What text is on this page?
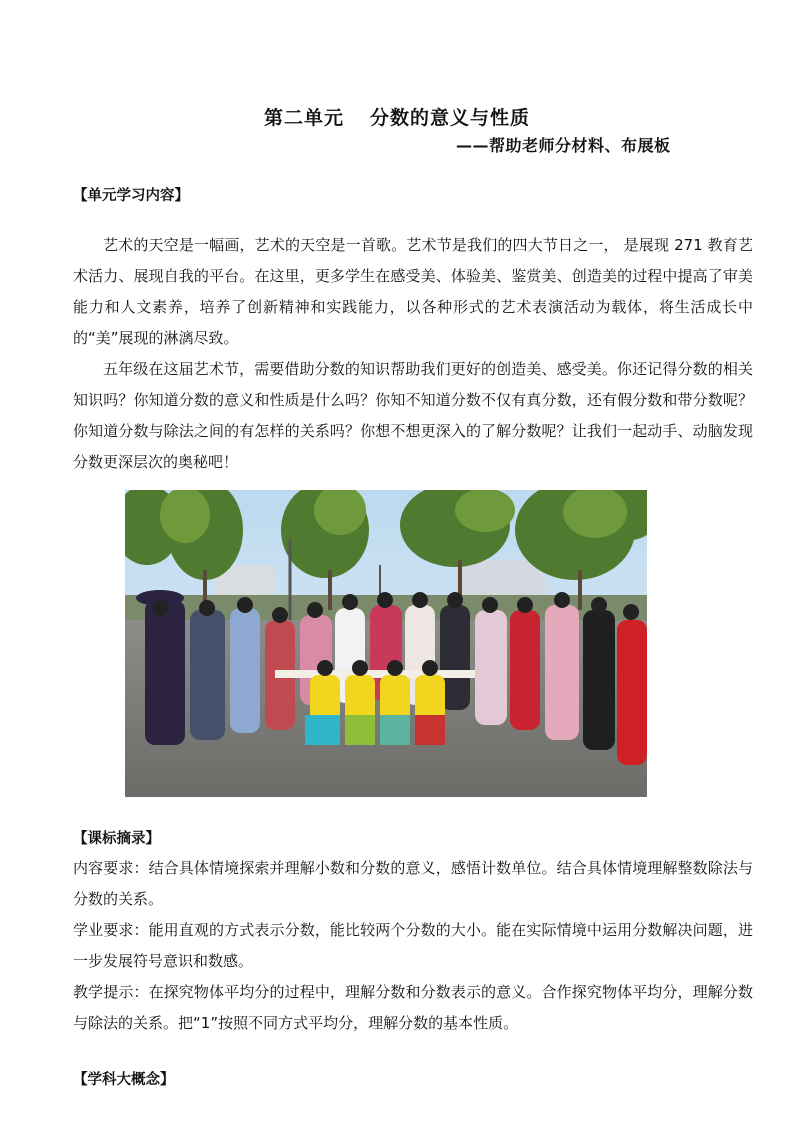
第二单元 分数的意义与性质
——帮助老师分材料、布展板
【单元学习内容】

艺术的天空是一幅画，艺术的天空是一首歌。艺术节是我们的四大节日之一， 是展现 271 教育艺术活力、展现自我的平台。在这里，更多学生在感受美、体验美、鉴赏美、创造美的过程中提高了审美能力和人文素养，培养了创新精神和实践能力，以各种形式的艺术表演活动为载体，将生活成长中的“美”展现的淋漓尽致。

五年级在这届艺术节，需要借助分数的知识帮助我们更好的创造美、感受美。你还记得分数的相关知识吗？你知道分数的意义和性质是什么吗？你知不知道分数不仅有真分数，还有假分数和带分数呢？你知道分数与除法之间的有怎样的关系吗？你想不想更深入的了解分数呢？让我们一起动手、动脑发现分数更深层次的奥秘吧！

【课标摘录】

内容要求：结合具体情境探索并理解小数和分数的意义，感悟计数单位。结合具体情境理解整数除法与分数的关系。

学业要求：能用直观的方式表示分数，能比较两个分数的大小。能在实际情境中运用分数解决问题，进一步发展符号意识和数感。

教学提示：在探究物体平均分的过程中，理解分数和分数表示的意义。合作探究物体平均分，理解分数与除法的关系。把“1”按照不同方式平均分，理解分数的基本性质。

【学科大概念】
